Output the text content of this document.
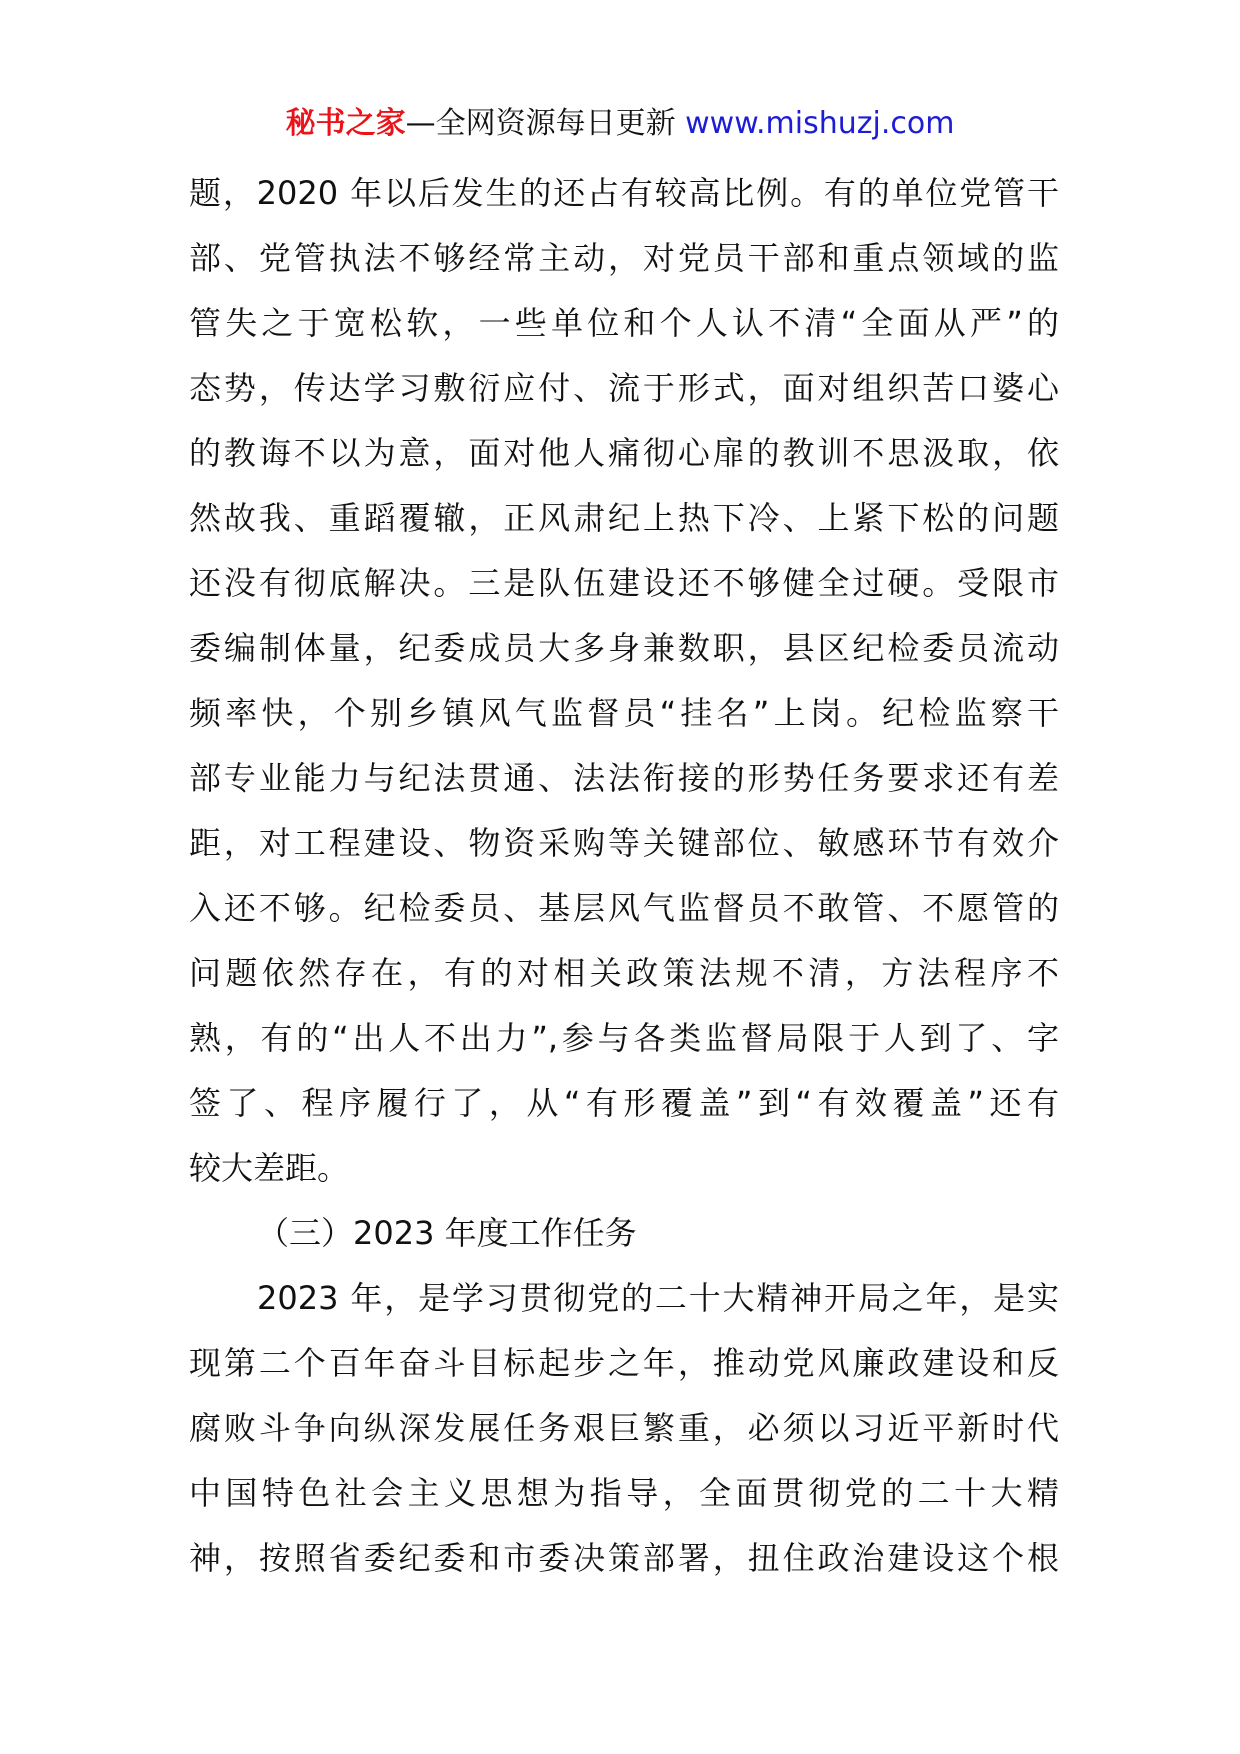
秘书之家—全网资源每日更新 www.mishuzj.com
题，2020 年以后发生的还占有较高比例。有的单位党管干
部、党管执法不够经常主动，对党员干部和重点领域的监
管失之于宽松软，一些单位和个人认不清“全面从严”的
态势，传达学习敷衍应付、流于形式，面对组织苦口婆心
的教诲不以为意，面对他人痛彻心扉的教训不思汲取，依
然故我、重蹈覆辙，正风肃纪上热下冷、上紧下松的问题
还没有彻底解决。三是队伍建设还不够健全过硬。受限市
委编制体量，纪委成员大多身兼数职，县区纪检委员流动
频率快，个别乡镇风气监督员“挂名”上岗。纪检监察干
部专业能力与纪法贯通、法法衔接的形势任务要求还有差
距，对工程建设、物资采购等关键部位、敏感环节有效介
入还不够。纪检委员、基层风气监督员不敢管、不愿管的
问题依然存在，有的对相关政策法规不清，方法程序不
熟，有的“出人不出力”,参与各类监督局限于人到了、字
签了、程序履行了，从“有形覆盖”到“有效覆盖”还有
较大差距。
（三）2023 年度工作任务
2023 年，是学习贯彻党的二十大精神开局之年，是实
现第二个百年奋斗目标起步之年，推动党风廉政建设和反
腐败斗争向纵深发展任务艰巨繁重，必须以习近平新时代
中国特色社会主义思想为指导，全面贯彻党的二十大精
神，按照省委纪委和市委决策部署，扭住政治建设这个根
